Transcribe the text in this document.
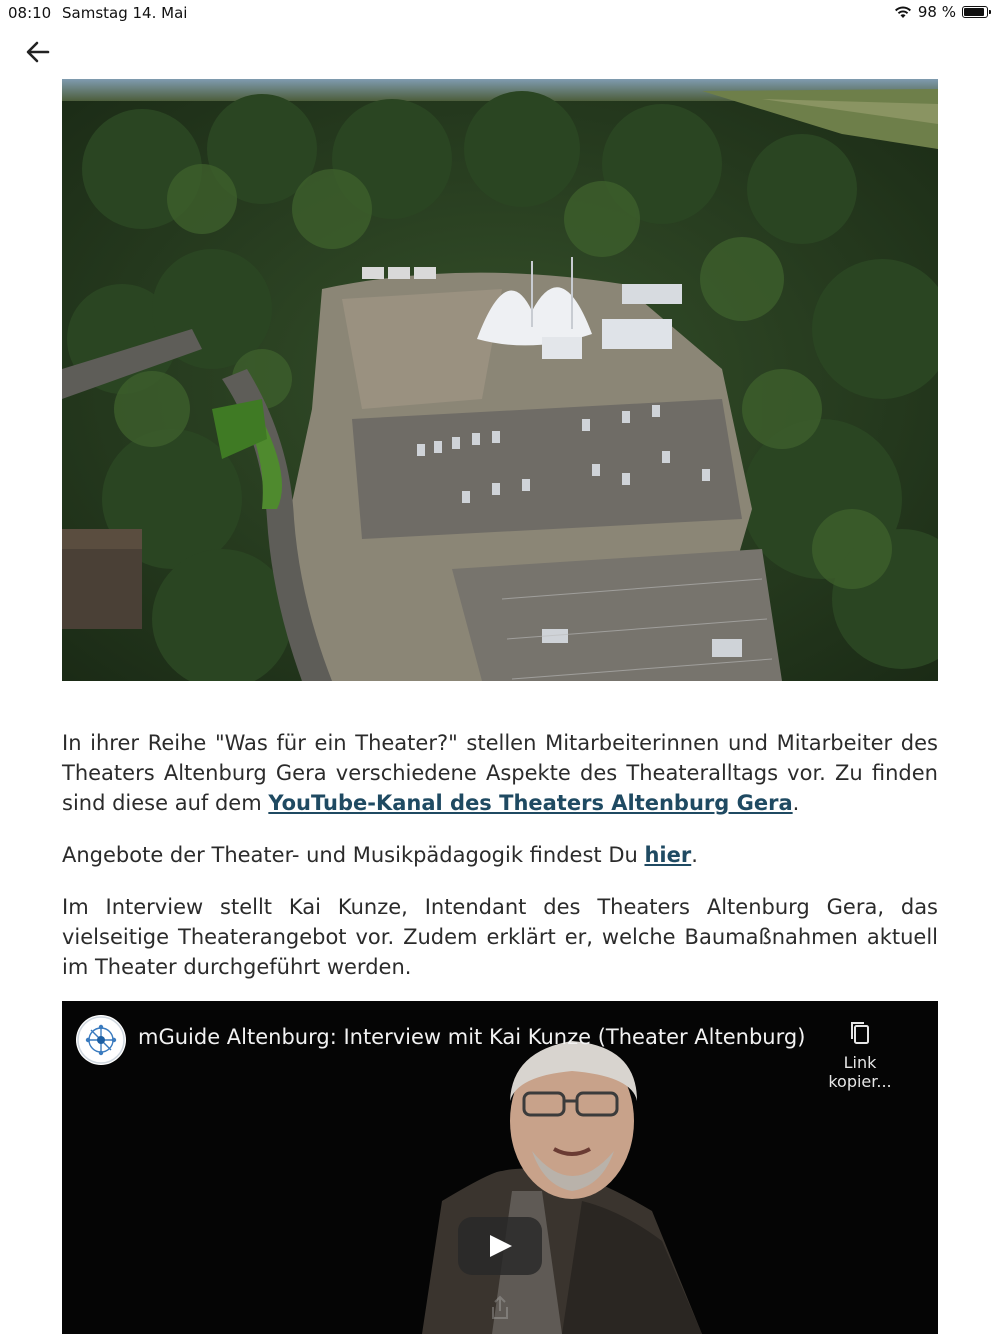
08:10 Samstag 14. Mai	98 %

In ihrer Reihe "Was für ein Theater?" stellen Mitarbeiterinnen und Mitarbeiter des Theaters Altenburg Gera verschiedene Aspekte des Theateralltags vor. Zu finden sind diese auf dem YouTube-Kanal des Theaters Altenburg Gera.

Angebote der Theater- und Musikpädagogik findest Du hier.

Im Interview stellt Kai Kunze, Intendant des Theaters Altenburg Gera, das vielseitige Theaterangebot vor. Zudem erklärt er, welche Baumaßnahmen aktuell im Theater durchgeführt werden.

mGuide Altenburg: Interview mit Kai Kunze (Theater Altenburg)
Link kopier...
